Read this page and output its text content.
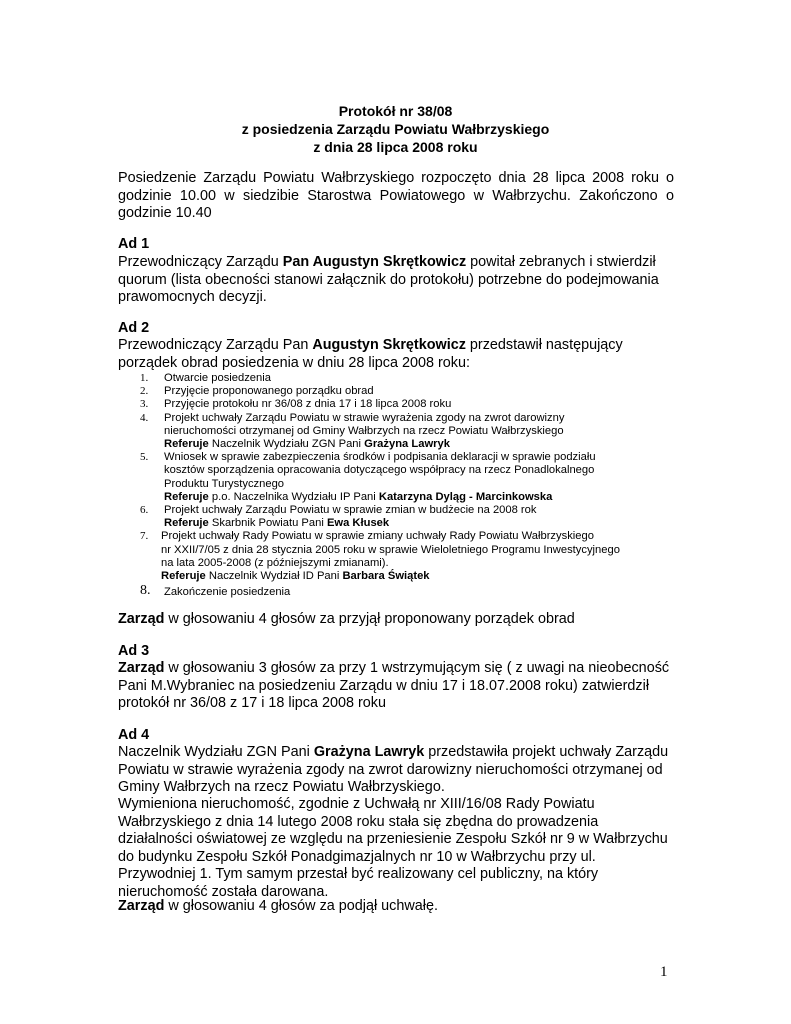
Protokół nr 38/08
z posiedzenia Zarządu Powiatu Wałbrzyskiego
z dnia 28 lipca 2008 roku
Posiedzenie Zarządu Powiatu Wałbrzyskiego rozpoczęto dnia 28 lipca 2008 roku o godzinie 10.00 w siedzibie Starostwa Powiatowego w Wałbrzychu. Zakończono o godzinie 10.40
Ad 1
Przewodniczący Zarządu Pan Augustyn Skrętkowicz powitał zebranych i stwierdził quorum (lista obecności stanowi załącznik do protokołu) potrzebne do podejmowania prawomocnych decyzji.
Ad 2
Przewodniczący Zarządu Pan Augustyn Skrętkowicz przedstawił następujący porządek obrad posiedzenia w dniu 28 lipca 2008 roku:
1. Otwarcie posiedzenia
2. Przyjęcie proponowanego porządku obrad
3. Przyjęcie protokołu nr 36/08 z dnia 17 i 18 lipca 2008 roku
4. Projekt uchwały Zarządu Powiatu w strawie wyrażenia zgody na zwrot darowizny
nieruchomości otrzymanej od Gminy Wałbrzych na rzecz Powiatu Wałbrzyskiego
Referuje Naczelnik Wydziału ZGN Pani Grażyna Lawryk
5. Wniosek w sprawie zabezpieczenia środków i podpisania deklaracji w sprawie podziału
kosztów sporządzenia opracowania dotyczącego współpracy na rzecz Ponadlokalnego
Produktu Turystycznego
Referuje p.o. Naczelnika Wydziału IP Pani Katarzyna Dyląg - Marcinkowska
6. Projekt uchwały Zarządu Powiatu w sprawie zmian w budżecie na 2008 rok
Referuje Skarbnik Powiatu Pani Ewa Kłusek
7. Projekt uchwały Rady Powiatu w sprawie zmiany uchwały Rady Powiatu Wałbrzyskiego
nr XXII/7/05 z dnia 28 stycznia 2005 roku w sprawie Wieloletniego Programu Inwestycyjnego
na lata 2005-2008 (z późniejszymi zmianami).
Referuje Naczelnik Wydział ID Pani Barbara Świątek
8. Zakończenie posiedzenia
Zarząd w głosowaniu 4 głosów za przyjął proponowany porządek obrad
Ad 3
Zarząd w głosowaniu 3 głosów za przy 1 wstrzymującym się ( z uwagi na nieobecność Pani M.Wybraniec na posiedzeniu Zarządu w dniu 17 i 18.07.2008 roku) zatwierdził protokół nr 36/08 z 17 i 18 lipca 2008 roku
Ad 4
Naczelnik Wydziału ZGN Pani Grażyna Lawryk przedstawiła projekt uchwały Zarządu Powiatu w strawie wyrażenia zgody na zwrot darowizny nieruchomości otrzymanej od Gminy Wałbrzych na rzecz Powiatu Wałbrzyskiego.
Wymieniona nieruchomość, zgodnie z Uchwałą nr XIII/16/08 Rady Powiatu Wałbrzyskiego z dnia 14 lutego 2008 roku stała się zbędna do prowadzenia działalności oświatowej ze względu na przeniesienie Zespołu Szkół nr 9 w Wałbrzychu do budynku Zespołu Szkół Ponadgimazjalnych nr 10 w Wałbrzychu przy ul. Przywodniej 1. Tym samym przestał być realizowany cel publiczny, na który nieruchomość została darowana.
Zarząd w głosowaniu 4 głosów za podjął uchwałę.
1
